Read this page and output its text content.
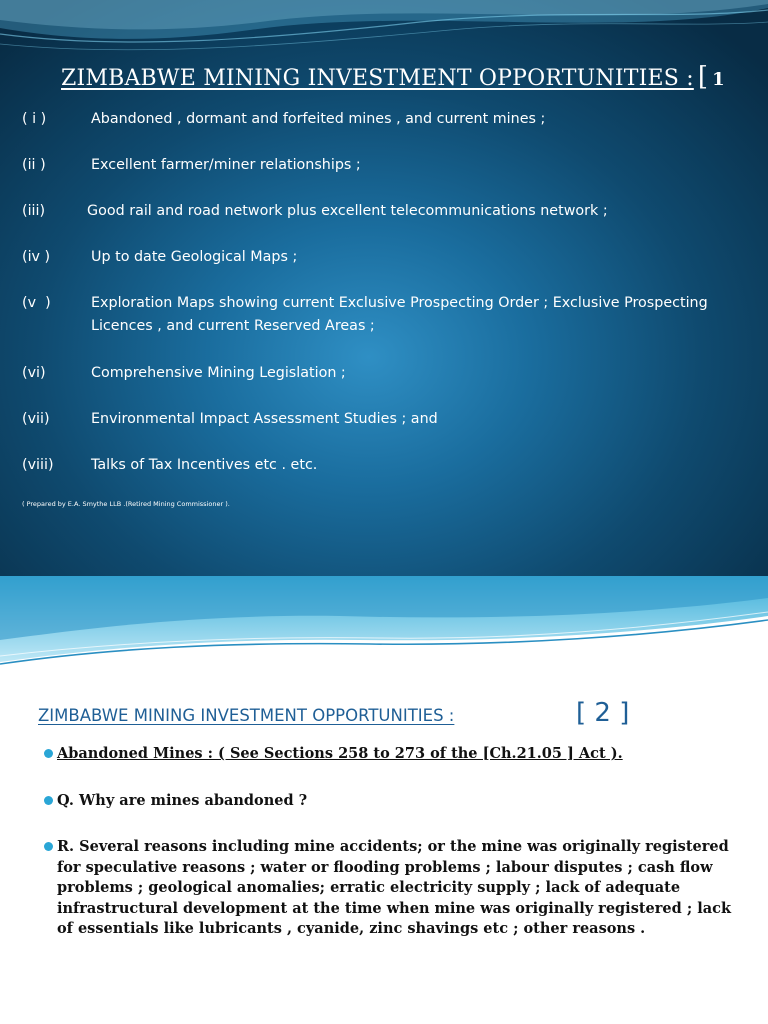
ZIMBABWE MINING INVESTMENT OPPORTUNITIES : [ 1
( i )	Abandoned , dormant and forfeited mines , and current mines ;
(ii )	Excellent farmer/miner relationships ;
(iii)	Good rail and road network plus excellent telecommunications network ;
(iv )	Up to date Geological Maps ;
(v  )	Exploration Maps showing current Exclusive Prospecting Order ; Exclusive Prospecting Licences , and current Reserved Areas ;
(vi)	Comprehensive Mining Legislation ;
(vii)	Environmental Impact Assessment Studies ; and
(viii)	Talks of Tax Incentives etc . etc.
( Prepared by E.A. Smythe LLB .(Retired Mining Commissioner ).
ZIMBABWE MINING INVESTMENT OPPORTUNITIES :	[ 2 ]
Abandoned Mines : ( See Sections 258 to 273 of the [Ch.21.05 ] Act ).
Q. Why are mines abandoned ?
R. Several reasons including mine accidents; or the mine was originally registered for speculative reasons ; water or flooding problems ; labour disputes ; cash flow problems ; geological anomalies; erratic electricity supply ; lack of adequate infrastructural development at the time when mine was originally registered ; lack of essentials like lubricants , cyanide, zinc shavings etc ; other reasons .
